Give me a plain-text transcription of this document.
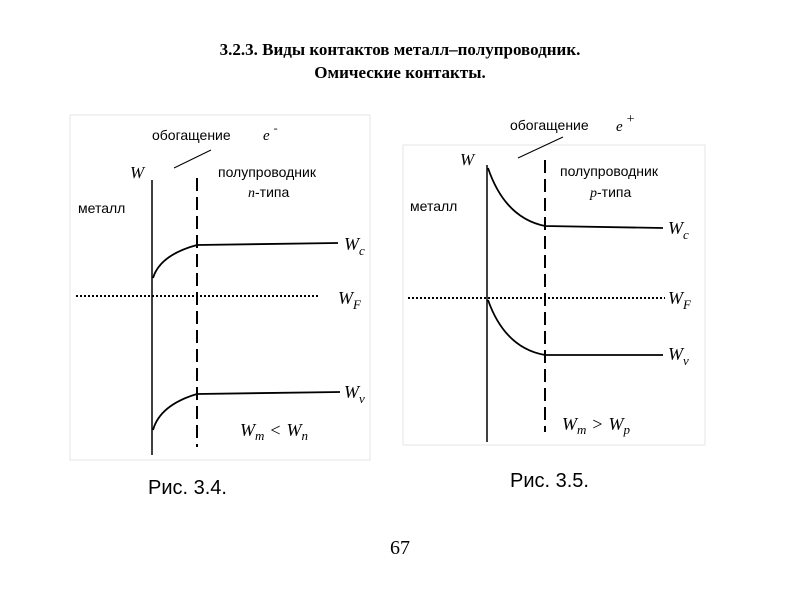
3.2.3. Виды контактов металл–полупроводник.
Омические контакты.
обогащение e -
W
металл
полупроводник
n-типа
$W_c$
$W_F$
$W_v$
$W_m < W_n$
Рис. 3.4.
обогащение e +
W
металл
полупроводник
p-типа
$W_c$
$W_F$
$W_v$
$W_m > W_p$
Рис. 3.5.
67
